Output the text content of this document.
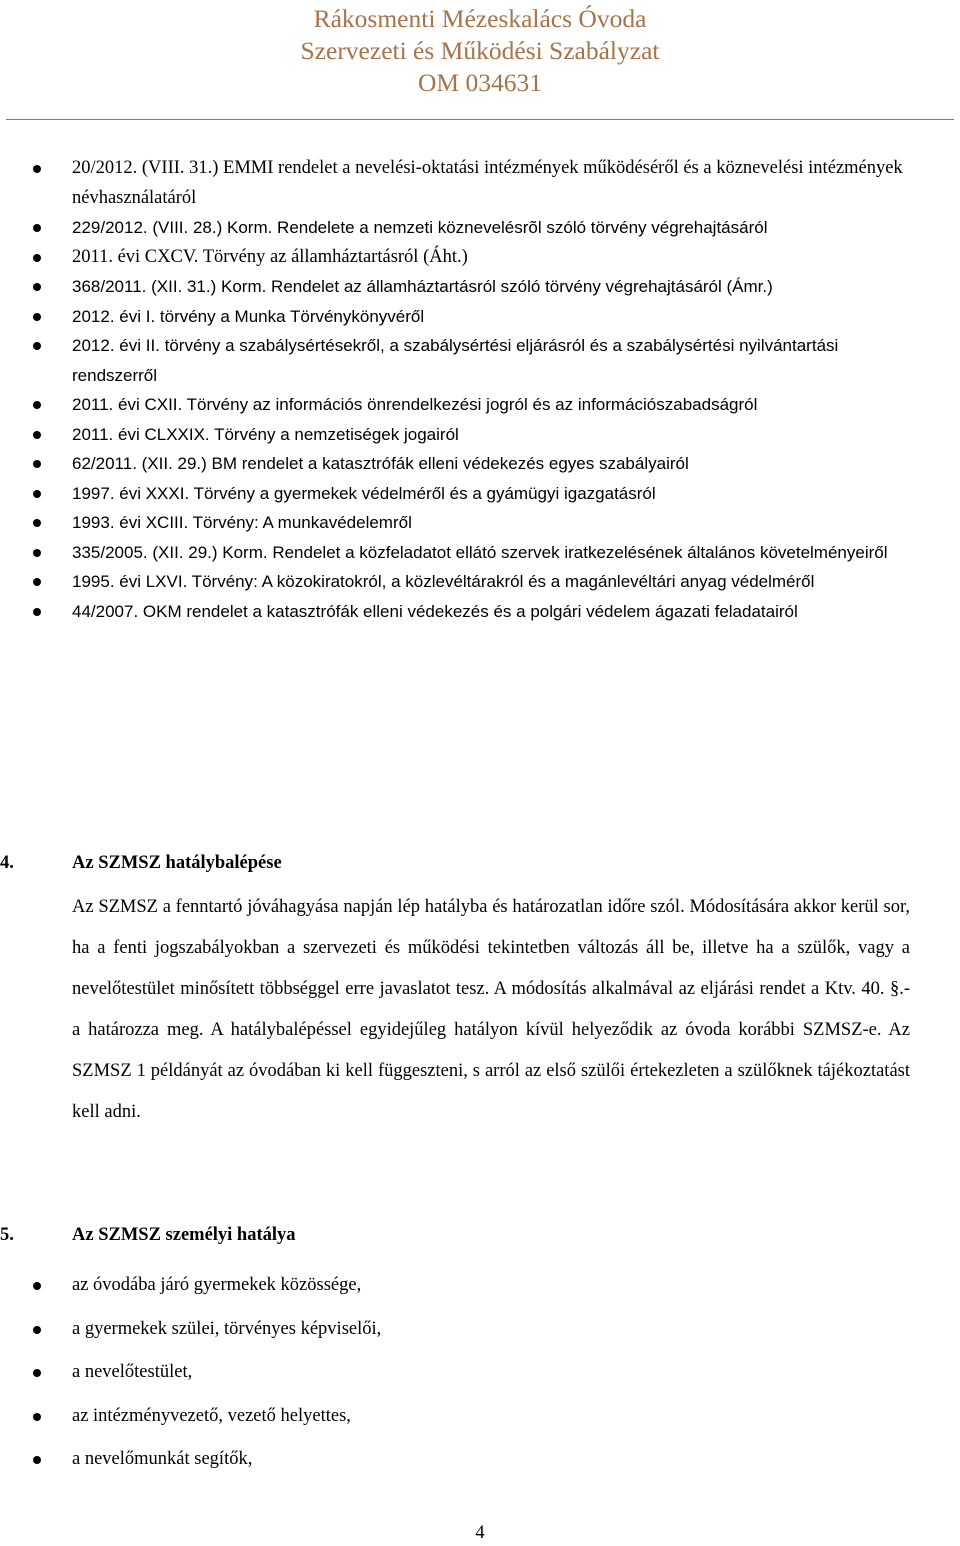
Rákosmenti Mézeskalács Óvoda
Szervezeti és Működési Szabályzat
OM 034631
20/2012. (VIII. 31.) EMMI rendelet a nevelési-oktatási intézmények működéséről és a köznevelési intézmények névhasználatáról
229/2012. (VIII. 28.) Korm. Rendelete a nemzeti köznevelésrõl szóló törvény végrehajtásáról
2011. évi CXCV. Törvény az államháztartásról (Áht.)
368/2011. (XII. 31.) Korm. Rendelet az államháztartásról szóló törvény végrehajtásáról (Ámr.)
2012. évi I. törvény a Munka Törvénykönyvéről
2012. évi II. törvény a szabálysértésekről, a szabálysértési eljárásról és a szabálysértési nyilvántartási rendszerről
2011. évi CXII. Törvény az információs önrendelkezési jogról és az információszabadságról
2011. évi CLXXIX. Törvény a nemzetiségek jogairól
62/2011. (XII. 29.) BM rendelet a katasztrófák elleni védekezés egyes szabályairól
1997. évi XXXI. Törvény a gyermekek védelméről és a gyámügyi igazgatásról
1993. évi XCIII. Törvény: A munkavédelemről
335/2005. (XII. 29.) Korm. Rendelet a közfeladatot ellátó szervek iratkezelésének általános követelményeiről
1995. évi LXVI. Törvény: A közokiratokról, a közlevéltárakról és a magánlevéltári anyag védelméről
44/2007. OKM rendelet a katasztrófák elleni védekezés és a polgári védelem ágazati feladatairól
4.	Az SZMSZ hatálybalépése

Az SZMSZ a fenntartó jóváhagyása napján lép hatályba és határozatlan időre szól. Módosítására akkor kerül sor, ha a fenti jogszabályokban a szervezeti és működési tekintetben változás áll be, illetve ha a szülők, vagy a nevelőtestület minősített többséggel erre javaslatot tesz. A módosítás alkalmával az eljárási rendet a Ktv. 40. §.- a határozza meg. A hatálybalépéssel egyidejűleg hatályon kívül helyeződik az óvoda korábbi SZMSZ-e. Az SZMSZ 1 példányát az óvodában ki kell függeszteni, s arról az első szülői értekezleten a szülőknek tájékoztatást kell adni.

5.	Az SZMSZ személyi hatálya
az óvodába járó gyermekek közössége,
a gyermekek szülei, törvényes képviselői,
a nevelőtestület,
az intézményvezető, vezető helyettes,
a nevelőmunkát segítők,
4
